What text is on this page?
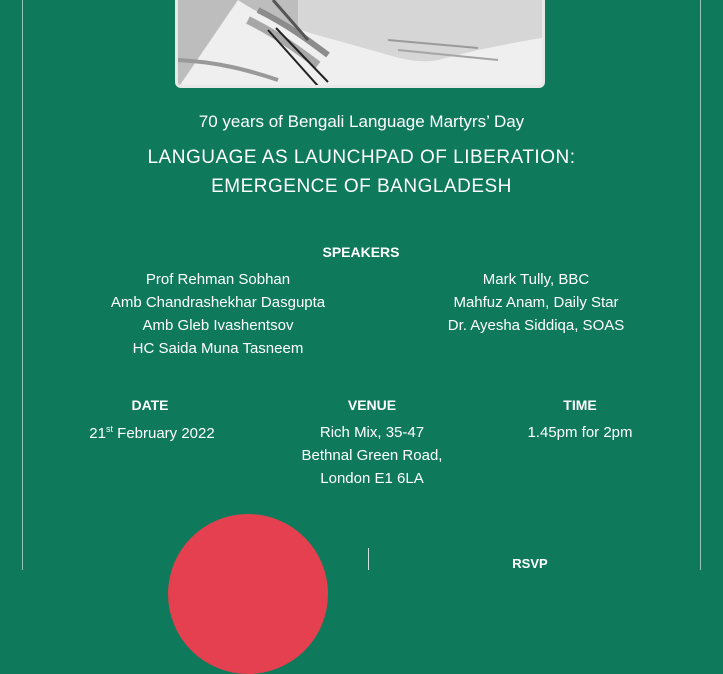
70 years of Bengali Language Martyrs’ Day
LANGUAGE AS LAUNCHPAD OF LIBERATION:
EMERGENCE OF BANGLADESH
SPEAKERS
Prof Rehman Sobhan
Amb Chandrashekhar Dasgupta
Amb Gleb Ivashentsov
HC Saida Muna Tasneem
Mark Tully, BBC
Mahfuz Anam, Daily Star
Dr. Ayesha Siddiqa, SOAS
DATE
21st February 2022
VENUE
Rich Mix, 35-47
Bethnal Green Road,
London E1 6LA
TIME
1.45pm for 2pm
RSVP
